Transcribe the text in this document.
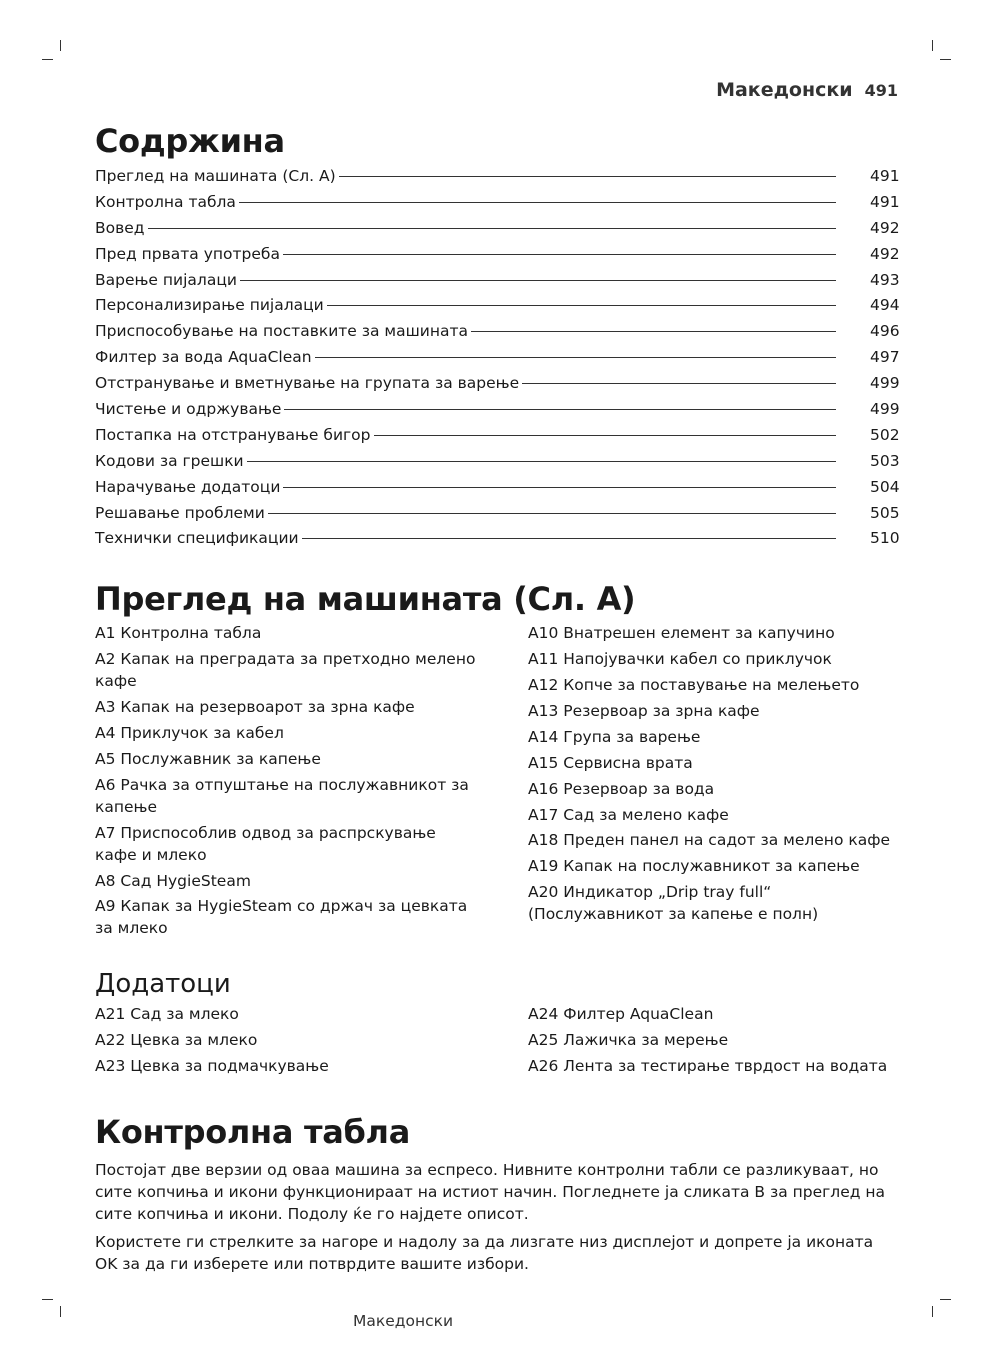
Македонски 491
Содржина
Преглед на машината (Сл. А)	491
Контролна табла	491
Вовед	492
Пред првата употреба	492
Варење пијалаци	493
Персонализирање пијалаци	494
Приспособување на поставките за машината	496
Филтер за вода AquaClean	497
Отстранување и вметнување на групата за варење	499
Чистење и одржување	499
Постапка на отстранување бигор	502
Кодови за грешки	503
Нарачување додатоци	504
Решавање проблеми	505
Технички спецификации	510
Преглед на машината (Сл. А)
A1 Контролна табла
A2 Капак на преградата за претходно мелено кафе
A3 Капак на резервоарот за зрна кафе
A4 Приклучок за кабел
A5 Послужавник за капење
A6 Рачка за отпуштање на послужавникот за капење
A7 Приспособлив одвод за распрскување кафе и млеко
A8 Сад HygieSteam
A9 Капак за HygieSteam со држач за цевката за млеко
A10 Внатрешен елемент за капучино
A11 Напојувачки кабел со приклучок
A12 Копче за поставување на мелењето
A13 Резервоар за зрна кафе
A14 Група за варење
A15 Сервисна врата
A16 Резервоар за вода
A17 Сад за мелено кафе
A18 Преден панел на садот за мелено кафе
A19 Капак на послужавникот за капење
A20 Индикатор „Drip tray full“ (Послужавникот за капење е полн)
Додатоци
A21 Сад за млеко
A22 Цевка за млеко
A23 Цевка за подмачкување
A24 Филтер AquaClean
A25 Лажичка за мерење
A26 Лента за тестирање тврдост на водата
Контролна табла

Постојат две верзии од оваа машина за еспресо. Нивните контролни табли се разликуваат, но сите копчиња и икони функционираат на истиот начин. Погледнете ја сликата B за преглед на сите копчиња и икони. Подолу ќе го најдете описот.

Користете ги стрелките за нагоре и надолу за да лизгате низ дисплејот и допрете ја иконата OK за да ги изберете или потврдите вашите избори.

Македонски
